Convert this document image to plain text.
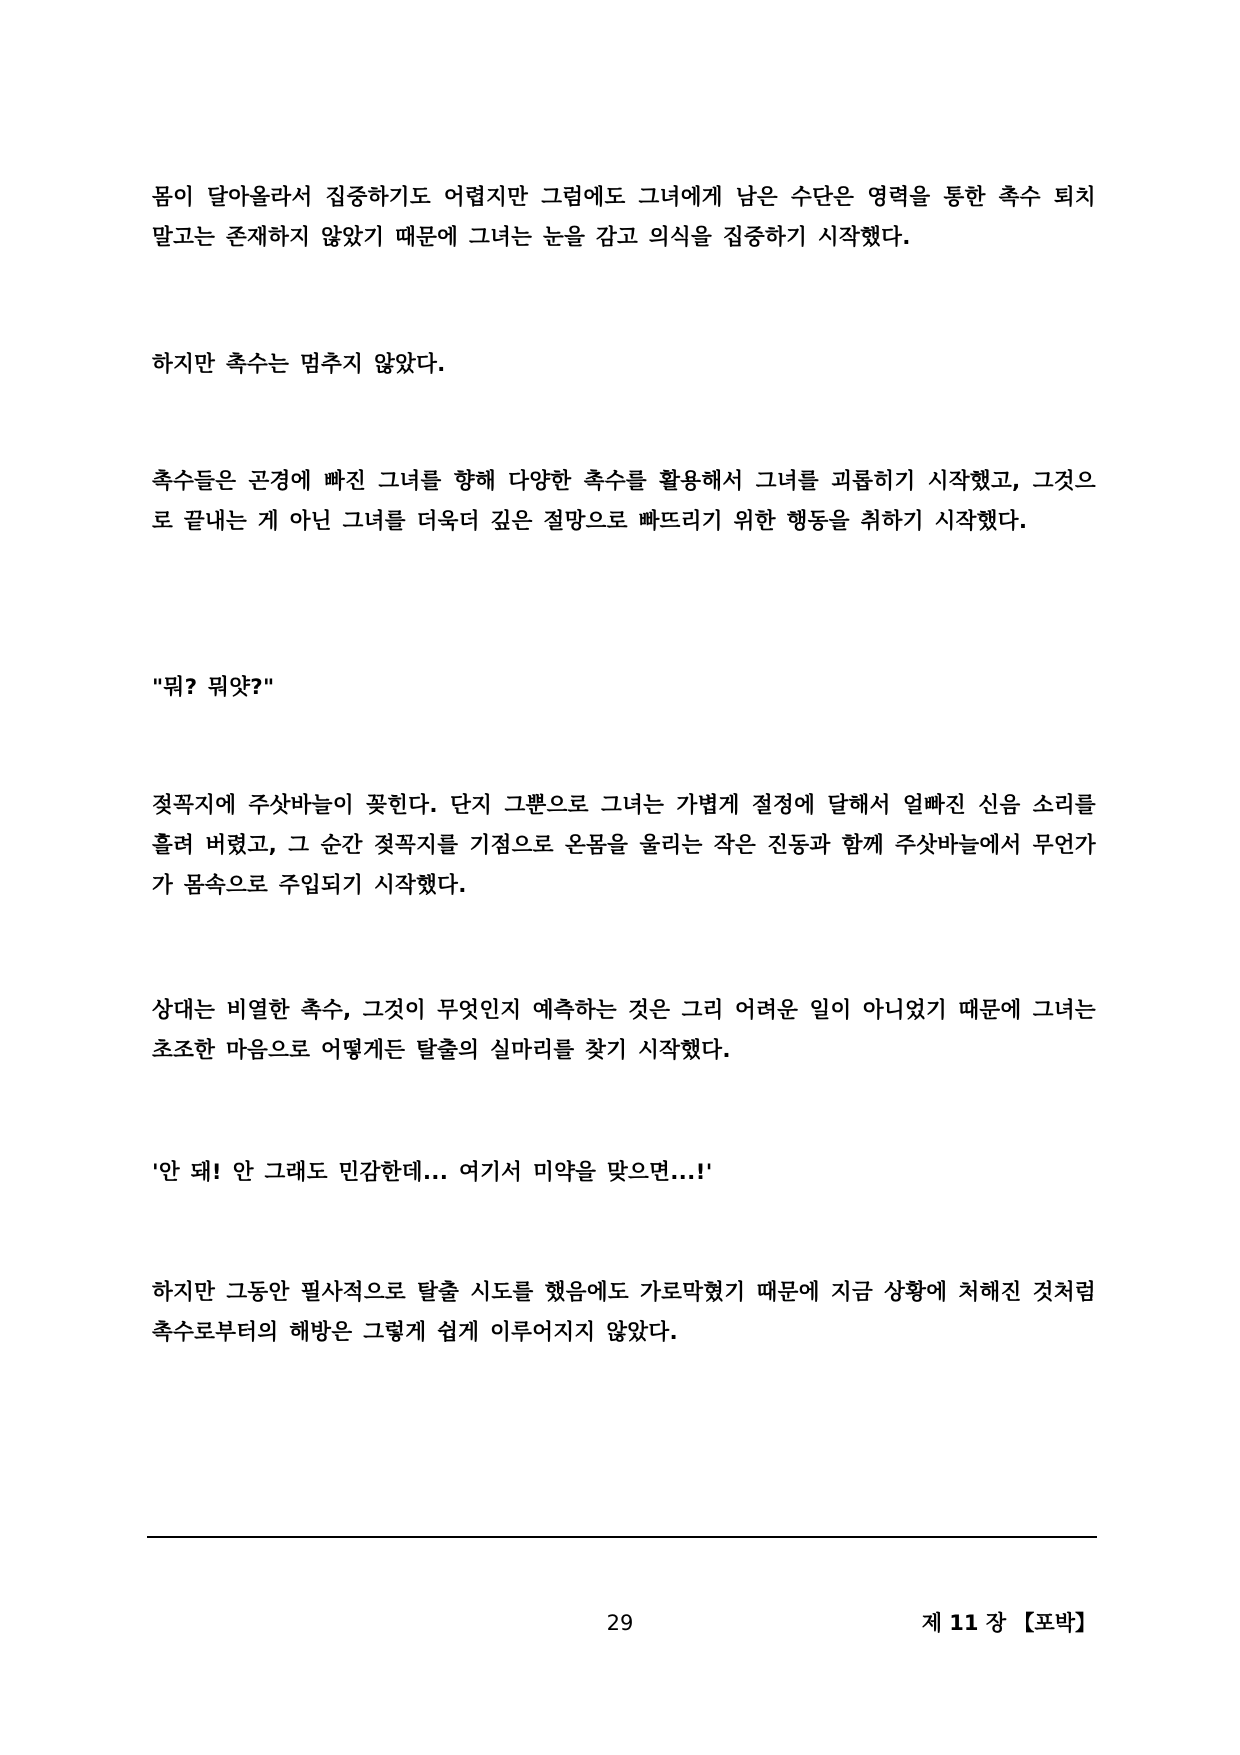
몸이 달아올라서 집중하기도 어렵지만 그럼에도 그녀에게 남은 수단은 영력을 통한 촉수 퇴치 말고는 존재하지 않았기 때문에 그녀는 눈을 감고 의식을 집중하기 시작했다.

하지만 촉수는 멈추지 않았다.

촉수들은 곤경에 빠진 그녀를 향해 다양한 촉수를 활용해서 그녀를 괴롭히기 시작했고, 그것으로 끝내는 게 아닌 그녀를 더욱더 깊은 절망으로 빠뜨리기 위한 행동을 취하기 시작했다.

"뭐? 뭐얏?"

젖꼭지에 주삿바늘이 꽂힌다. 단지 그뿐으로 그녀는 가볍게 절정에 달해서 얼빠진 신음 소리를 흘려 버렸고, 그 순간 젖꼭지를 기점으로 온몸을 울리는 작은 진동과 함께 주삿바늘에서 무언가가 몸속으로 주입되기 시작했다.

상대는 비열한 촉수, 그것이 무엇인지 예측하는 것은 그리 어려운 일이 아니었기 때문에 그녀는 초조한 마음으로 어떻게든 탈출의 실마리를 찾기 시작했다.

'안 돼! 안 그래도 민감한데... 여기서 미약을 맞으면...!'

하지만 그동안 필사적으로 탈출 시도를 했음에도 가로막혔기 때문에 지금 상황에 처해진 것처럼 촉수로부터의 해방은 그렇게 쉽게 이루어지지 않았다.

29	제 11 장 【포박】
